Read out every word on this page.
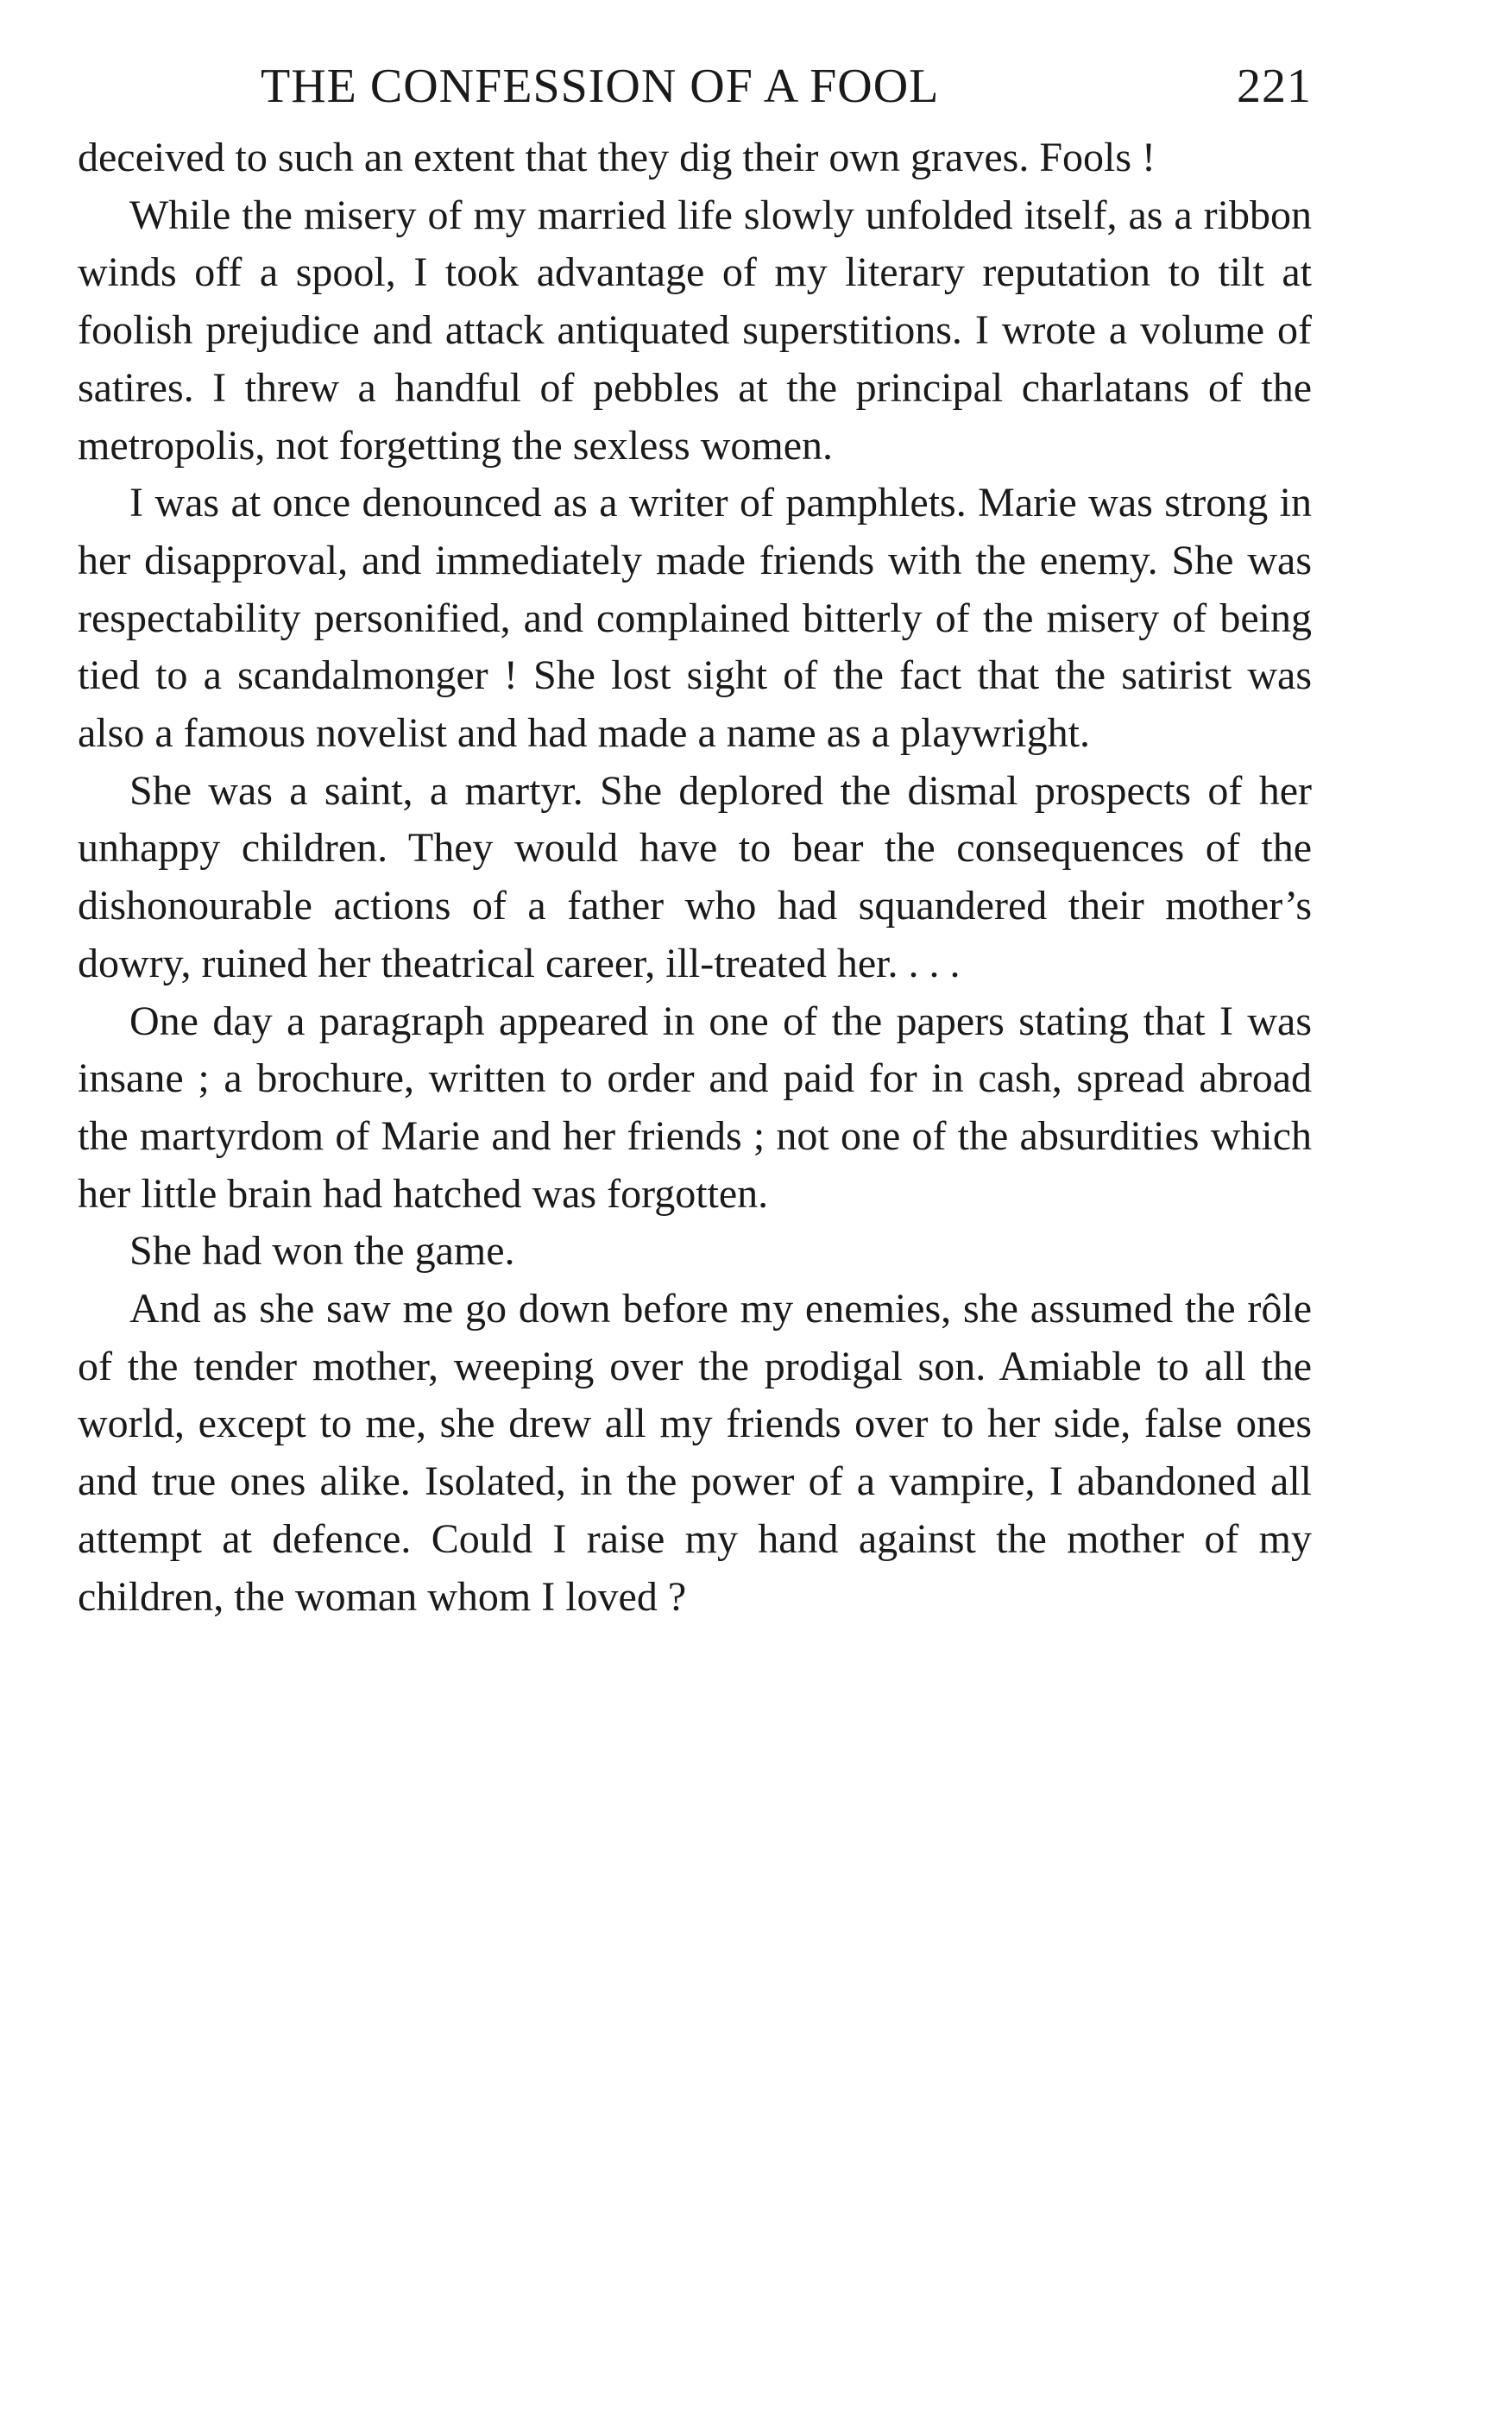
THE CONFESSION OF A FOOL	221

deceived to such an extent that they dig their own graves. Fools !

While the misery of my married life slowly unfolded itself, as a ribbon winds off a spool, I took advantage of my literary reputation to tilt at foolish prejudice and attack antiquated superstitions. I wrote a volume of satires. I threw a handful of pebbles at the principal charlatans of the metropolis, not forgetting the sexless women.

I was at once denounced as a writer of pamphlets. Marie was strong in her disapproval, and immediately made friends with the enemy. She was respectability personified, and complained bitterly of the misery of being tied to a scandalmonger ! She lost sight of the fact that the satirist was also a famous novelist and had made a name as a playwright.

She was a saint, a martyr. She deplored the dismal prospects of her unhappy children. They would have to bear the consequences of the dishonourable actions of a father who had squandered their mother’s dowry, ruined her theatrical career, ill-treated her. . . .

One day a paragraph appeared in one of the papers stating that I was insane ; a brochure, written to order and paid for in cash, spread abroad the martyrdom of Marie and her friends ; not one of the absurdities which her little brain had hatched was forgotten.

She had won the game.

And as she saw me go down before my enemies, she assumed the rôle of the tender mother, weeping over the prodigal son. Amiable to all the world, except to me, she drew all my friends over to her side, false ones and true ones alike. Isolated, in the power of a vampire, I abandoned all attempt at defence. Could I raise my hand against the mother of my children, the woman whom I loved ?
